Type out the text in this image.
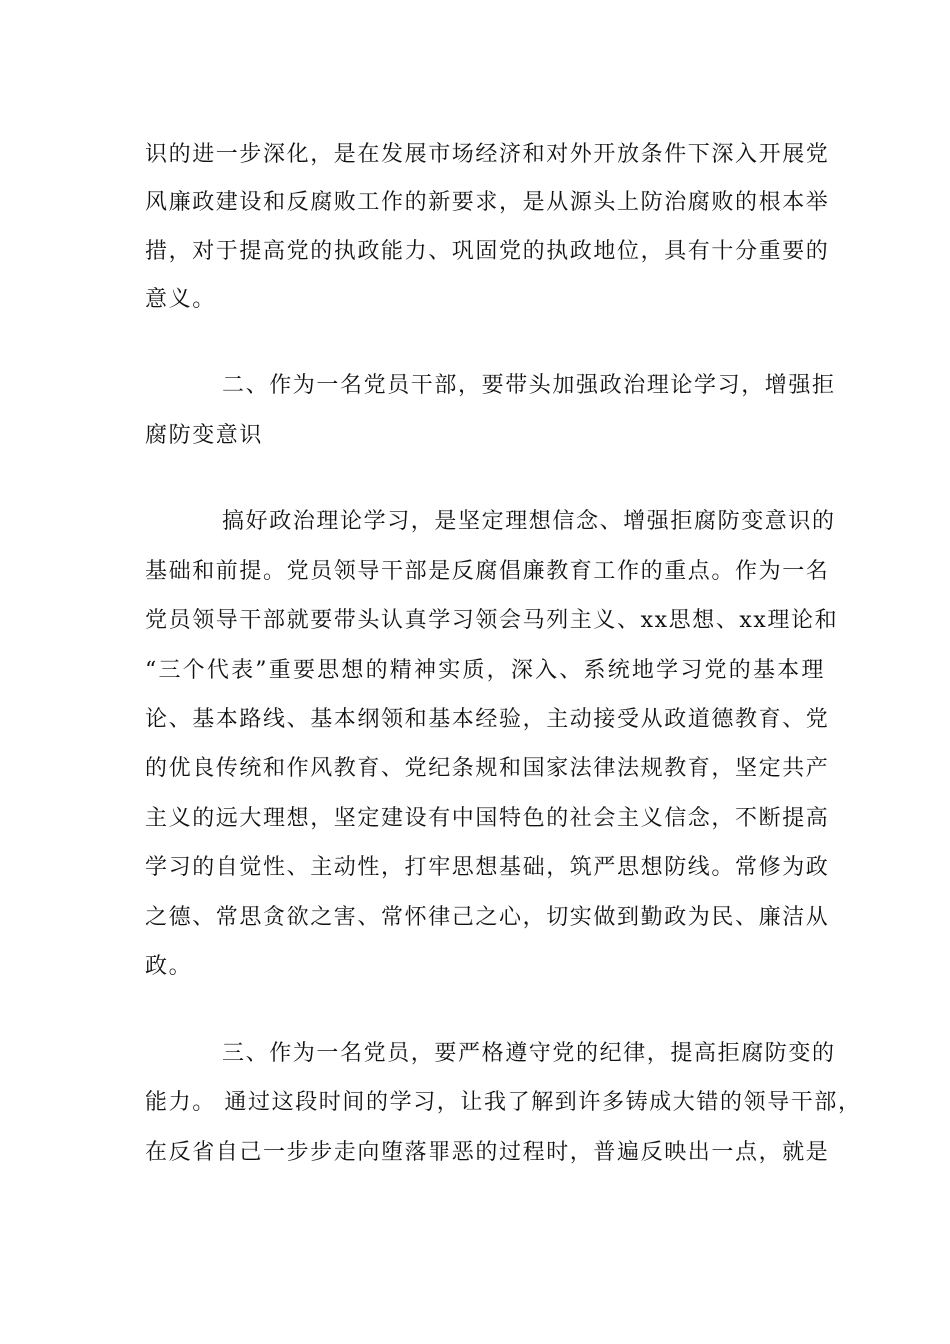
识的进一步深化，是在发展市场经济和对外开放条件下深入开展党
风廉政建设和反腐败工作的新要求，是从源头上防治腐败的根本举
措，对于提高党的执政能力、巩固党的执政地位，具有十分重要的
意义。
二、作为一名党员干部，要带头加强政治理论学习，增强拒
腐防变意识
搞好政治理论学习，是坚定理想信念、增强拒腐防变意识的
基础和前提。党员领导干部是反腐倡廉教育工作的重点。作为一名
党员领导干部就要带头认真学习领会马列主义、xx思想、xx理论和
“三个代表”重要思想的精神实质，深入、系统地学习党的基本理
论、基本路线、基本纲领和基本经验，主动接受从政道德教育、党
的优良传统和作风教育、党纪条规和国家法律法规教育，坚定共产
主义的远大理想，坚定建设有中国特色的社会主义信念，不断提高
学习的自觉性、主动性，打牢思想基础，筑严思想防线。常修为政
之德、常思贪欲之害、常怀律己之心，切实做到勤政为民、廉洁从
政。
三、作为一名党员，要严格遵守党的纪律，提高拒腐防变的
能力。 通过这段时间的学习，让我了解到许多铸成大错的领导干部，
在反省自己一步步走向堕落罪恶的过程时，普遍反映出一点，就是
